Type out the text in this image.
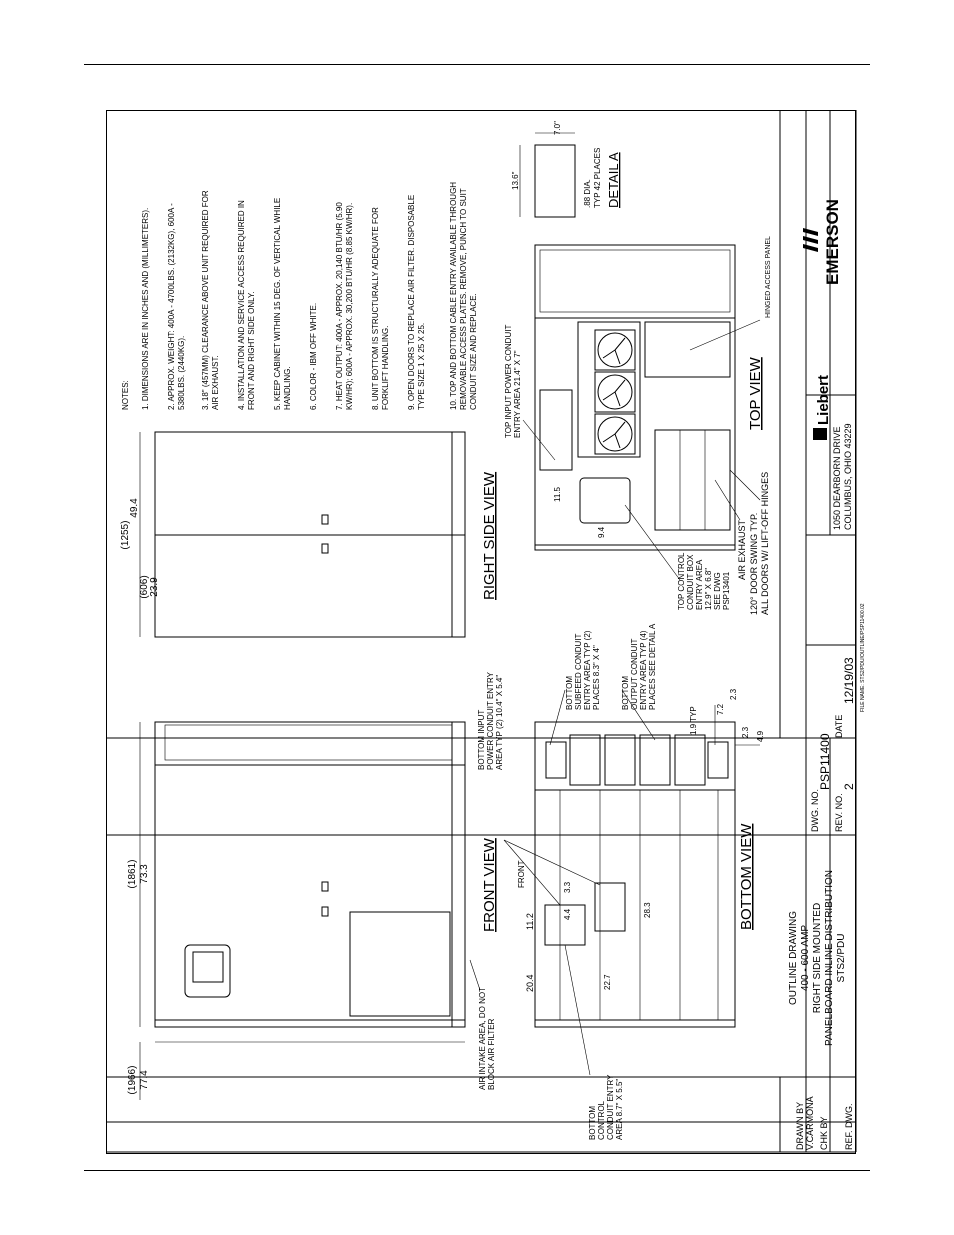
DRAWN BY V.CARMONA CHK BY REF. DWG.
OUTLINE DRAWING 400 - 600 AMP RIGHT SIDE MOUNTED PANELBOARD INLINE DISTRIBUTION STS2/PDU
DWG. NO.
PSP11400
REV. NO.
2
DATE
12/19/03 FILE NAME: STS2/PDU/OUTLINE/PSP11400.02
Liebert
1050 DEARBORN DRIVE COLUMBUS, OHIO 43229
EMERSON
(1861) 73.3
(1966) 77.4	AIR INTAKE AREA, DO NOT BLOCK AIR FILTER
FRONT VIEW
(1255)
49.4
(606) 23.9	RIGHT SIDE VIEW
NOTES: 1. DIMENSIONS ARE IN INCHES AND (MILLIMETERS). 2. APPROX. WEIGHT: 400A - 4700LBS. (2132KG), 600A - 5380LBS. (2440KG). 3. 18" (457MM) CLEARANCE ABOVE UNIT REQUIRED FOR AIR EXHAUST. 4. INSTALLATION AND SERVICE ACCESS REQUIRED IN FRONT AND RIGHT SIDE ONLY. 5. KEEP CABINET WITHIN 15 DEG. OF VERTICAL WHILE HANDLING. 6. COLOR - IBM OFF WHITE. 7. HEAT OUTPUT: 400A - APPROX. 20,140 BTU/HR (5.90 KW/HR); 600A - APPROX. 30,200 BTU/HR (8.85 KW/HR). 8. UNIT BOTTOM IS STRUCTURALLY ADEQUATE FOR FORKLIFT HANDLING. 9. OPEN DOORS TO REPLACE AIR FILTER. DISPOSABLE TYPE SIZE 1 X 25 X 25.	10. TOP AND BOTTOM CABLE ENTRY AVAILABLE THROUGH REMOVABLE ACCESS PLATES. REMOVE, PUNCH TO SUIT CONDUIT SIZE AND REPLACE.
20.4
11.2
3.3
4.4
22.7
28.3
1.9 TYP 7.2
2.3
2.3 4.9
FRONT
BOTTOM INPUT POWER CONDUIT ENTRY AREA TYP (2) 10.4" X 5.4"
BOTTOM CONTROL CONDUIT ENTRY AREA 8.7" X 5.5"
BOTTOM SUBFEED CONDUIT ENTRY AREA TYP (2) PLACES 8.3" X 4"	BOTTOM OUTPUT CONDUIT ENTRY AREA TYP (4) PLACES SEE DETAIL A
BOTTOM VIEW
11.5
9.4
TOP INPUT POWER CONDUIT ENTRY AREA 21.4" X 7"
TOP CONTROL CONDUIT BOX ENTRY AREA 12.9" X 6.8" SEE DWG PSP13401
AIR EXHAUST 120° DOOR SWING TYP. ALL DOORS W/ LIFT-OFF HINGES
HINGED ACCESS PANEL
TOP VIEW
13.6"
7.0"
.88 DIA. TYP 42 PLACES DETAIL A
